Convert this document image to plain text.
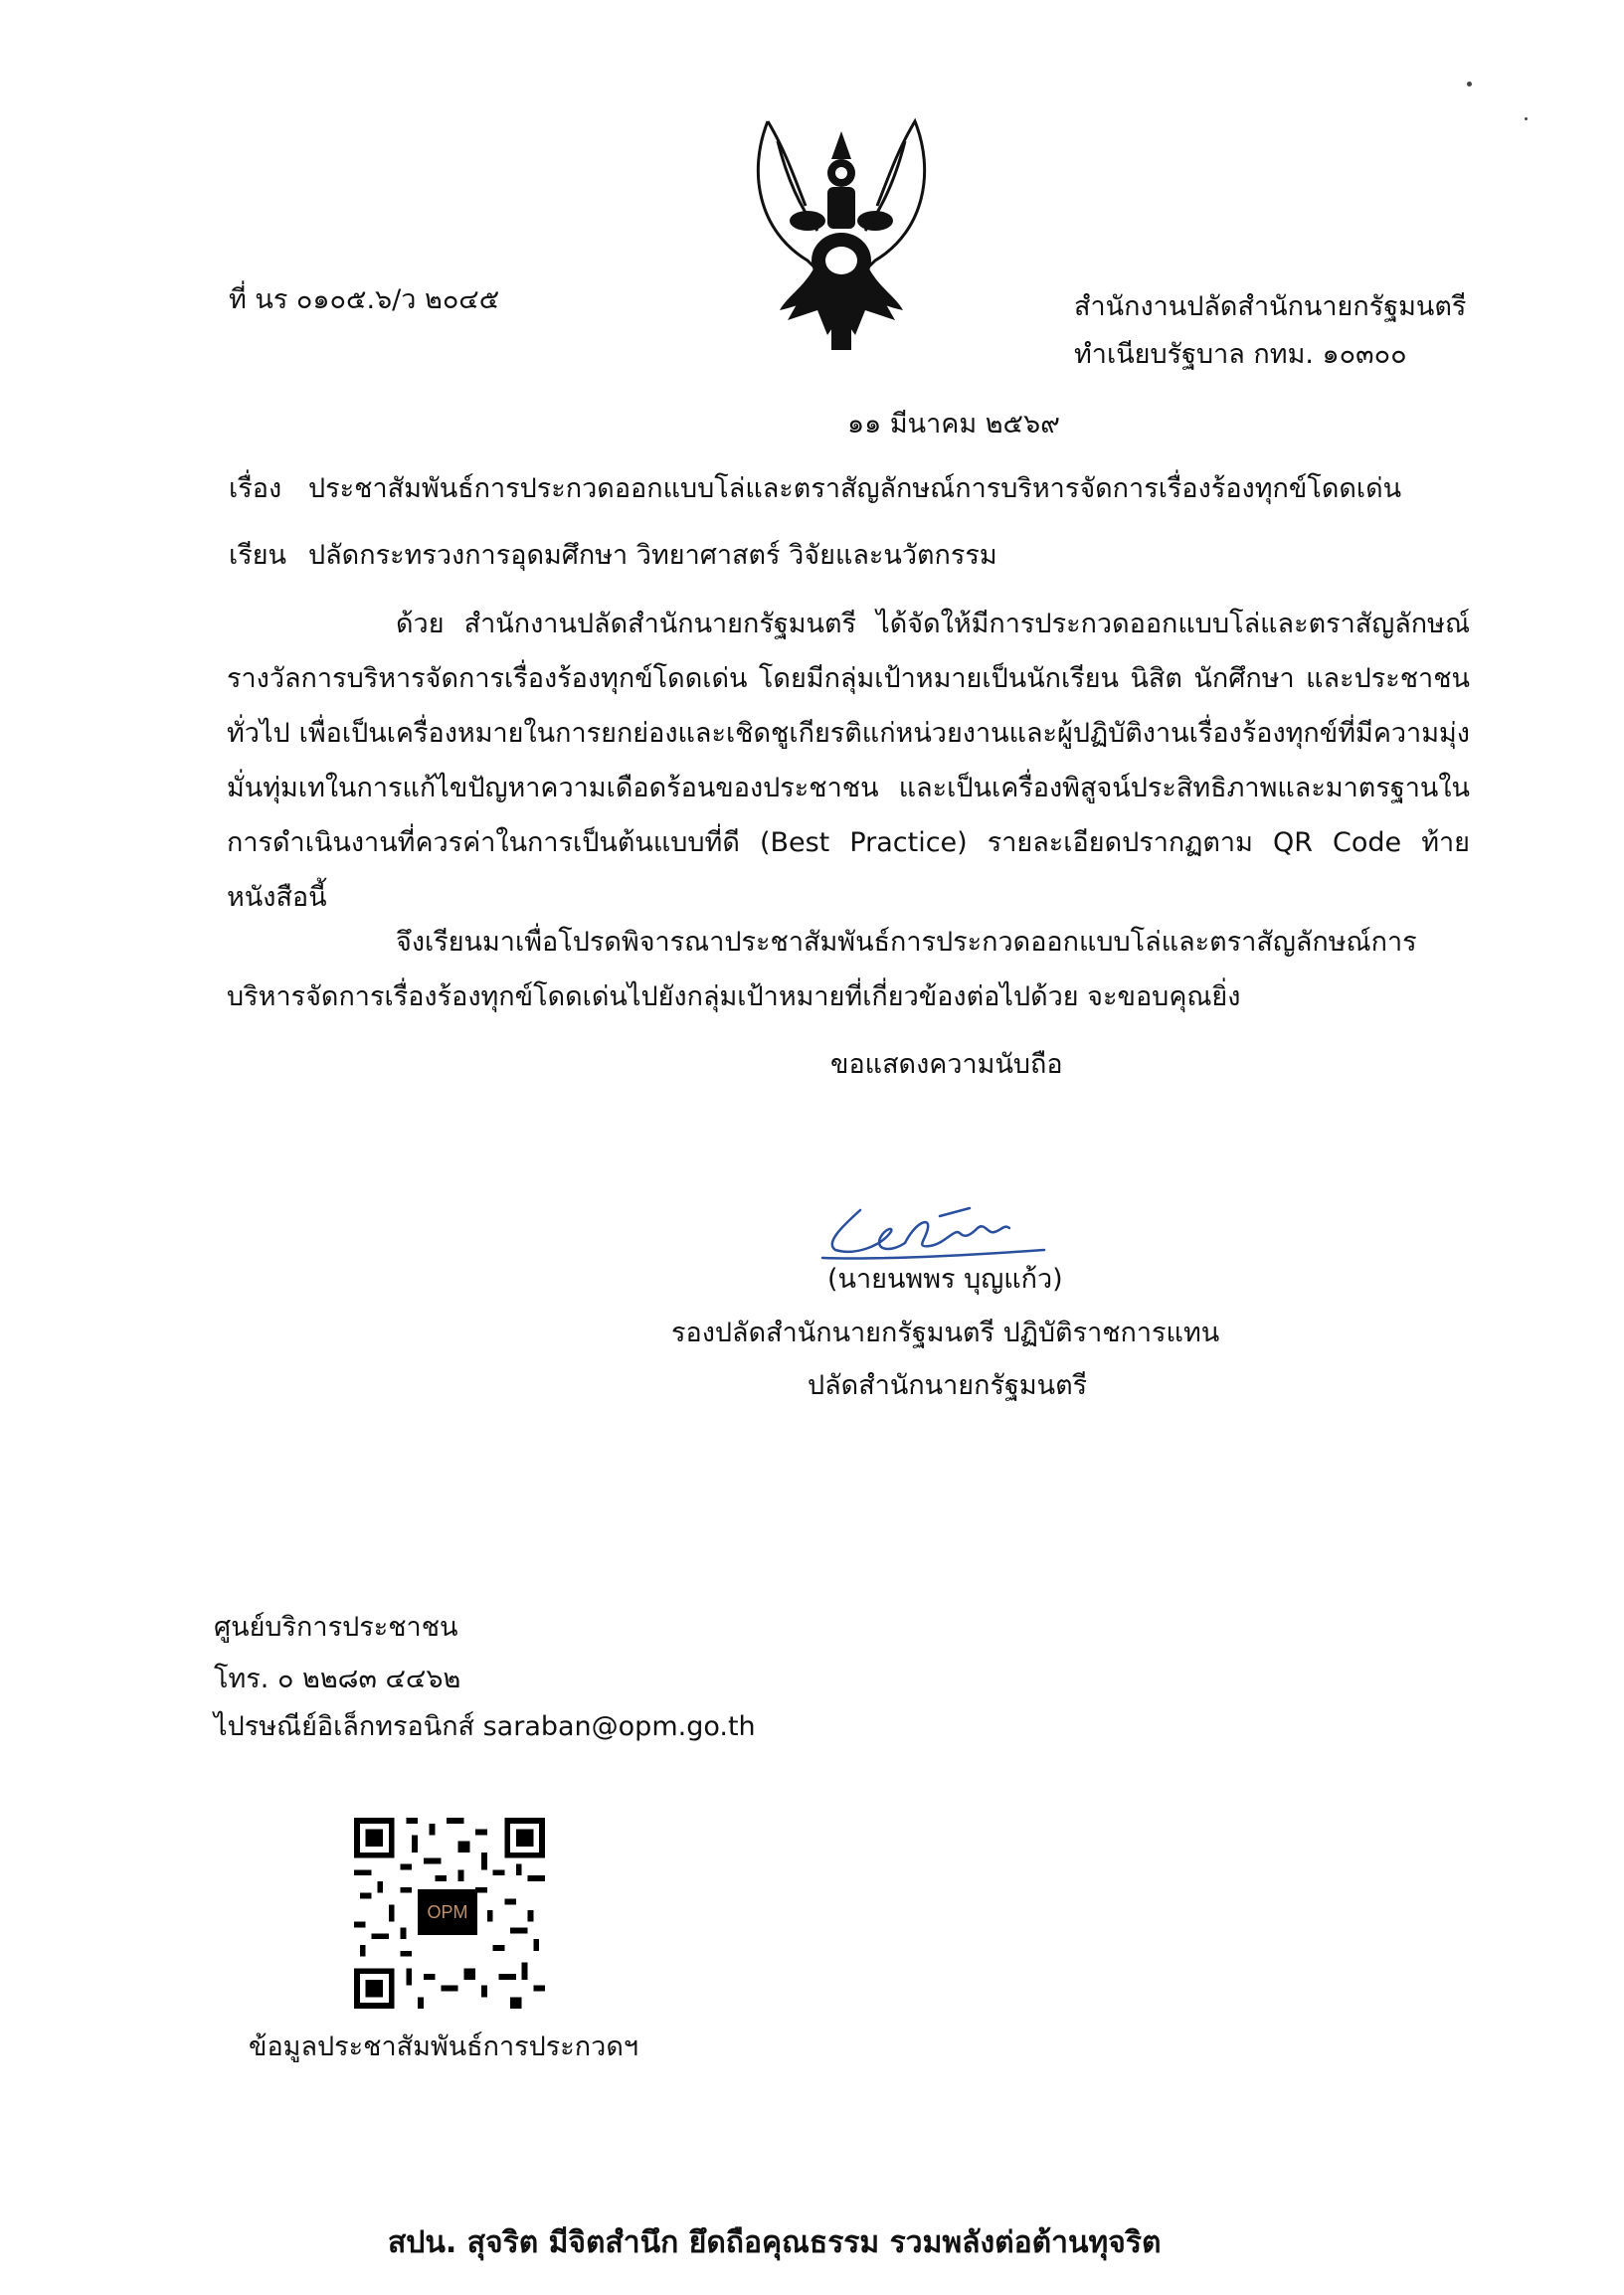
ที่ นร ๐๑๐๕.๖/ว ๒๐๔๕	สำนักงานปลัดสำนักนายกรัฐมนตรี
ทำเนียบรัฐบาล กทม. ๑๐๓๐๐
๑๑ มีนาคม ๒๕๖๙
เรื่อง ประชาสัมพันธ์การประกวดออกแบบโล่และตราสัญลักษณ์การบริหารจัดการเรื่องร้องทุกข์โดดเด่น
เรียน ปลัดกระทรวงการอุดมศึกษา วิทยาศาสตร์ วิจัยและนวัตกรรม
ด้วย สำนักงานปลัดสำนักนายกรัฐมนตรี ได้จัดให้มีการประกวดออกแบบโล่และตราสัญลักษณ์รางวัลการบริหารจัดการเรื่องร้องทุกข์โดดเด่น โดยมีกลุ่มเป้าหมายเป็นนักเรียน นิสิต นักศึกษา และประชาชนทั่วไป เพื่อเป็นเครื่องหมายในการยกย่องและเชิดชูเกียรติแก่หน่วยงานและผู้ปฏิบัติงานเรื่องร้องทุกข์ที่มีความมุ่งมั่นทุ่มเทในการแก้ไขปัญหาความเดือดร้อนของประชาชน และเป็นเครื่องพิสูจน์ประสิทธิภาพและมาตรฐานในการดำเนินงานที่ควรค่าในการเป็นต้นแบบที่ดี (Best Practice) รายละเอียดปรากฏตาม QR Code ท้ายหนังสือนี้
จึงเรียนมาเพื่อโปรดพิจารณาประชาสัมพันธ์การประกวดออกแบบโล่และตราสัญลักษณ์การบริหารจัดการเรื่องร้องทุกข์โดดเด่นไปยังกลุ่มเป้าหมายที่เกี่ยวข้องต่อไปด้วย จะขอบคุณยิ่ง
ขอแสดงความนับถือ
(นายนพพร บุญแก้ว)
รองปลัดสำนักนายกรัฐมนตรี ปฏิบัติราชการแทน
ปลัดสำนักนายกรัฐมนตรี
ศูนย์บริการประชาชน
โทร. ๐ ๒๒๘๓ ๔๔๖๒
ไปรษณีย์อิเล็กทรอนิกส์ saraban@opm.go.th
OPM
ข้อมูลประชาสัมพันธ์การประกวดฯ
สปน. สุจริต มีจิตสำนึก ยึดถือคุณธรรม รวมพลังต่อต้านทุจริต
